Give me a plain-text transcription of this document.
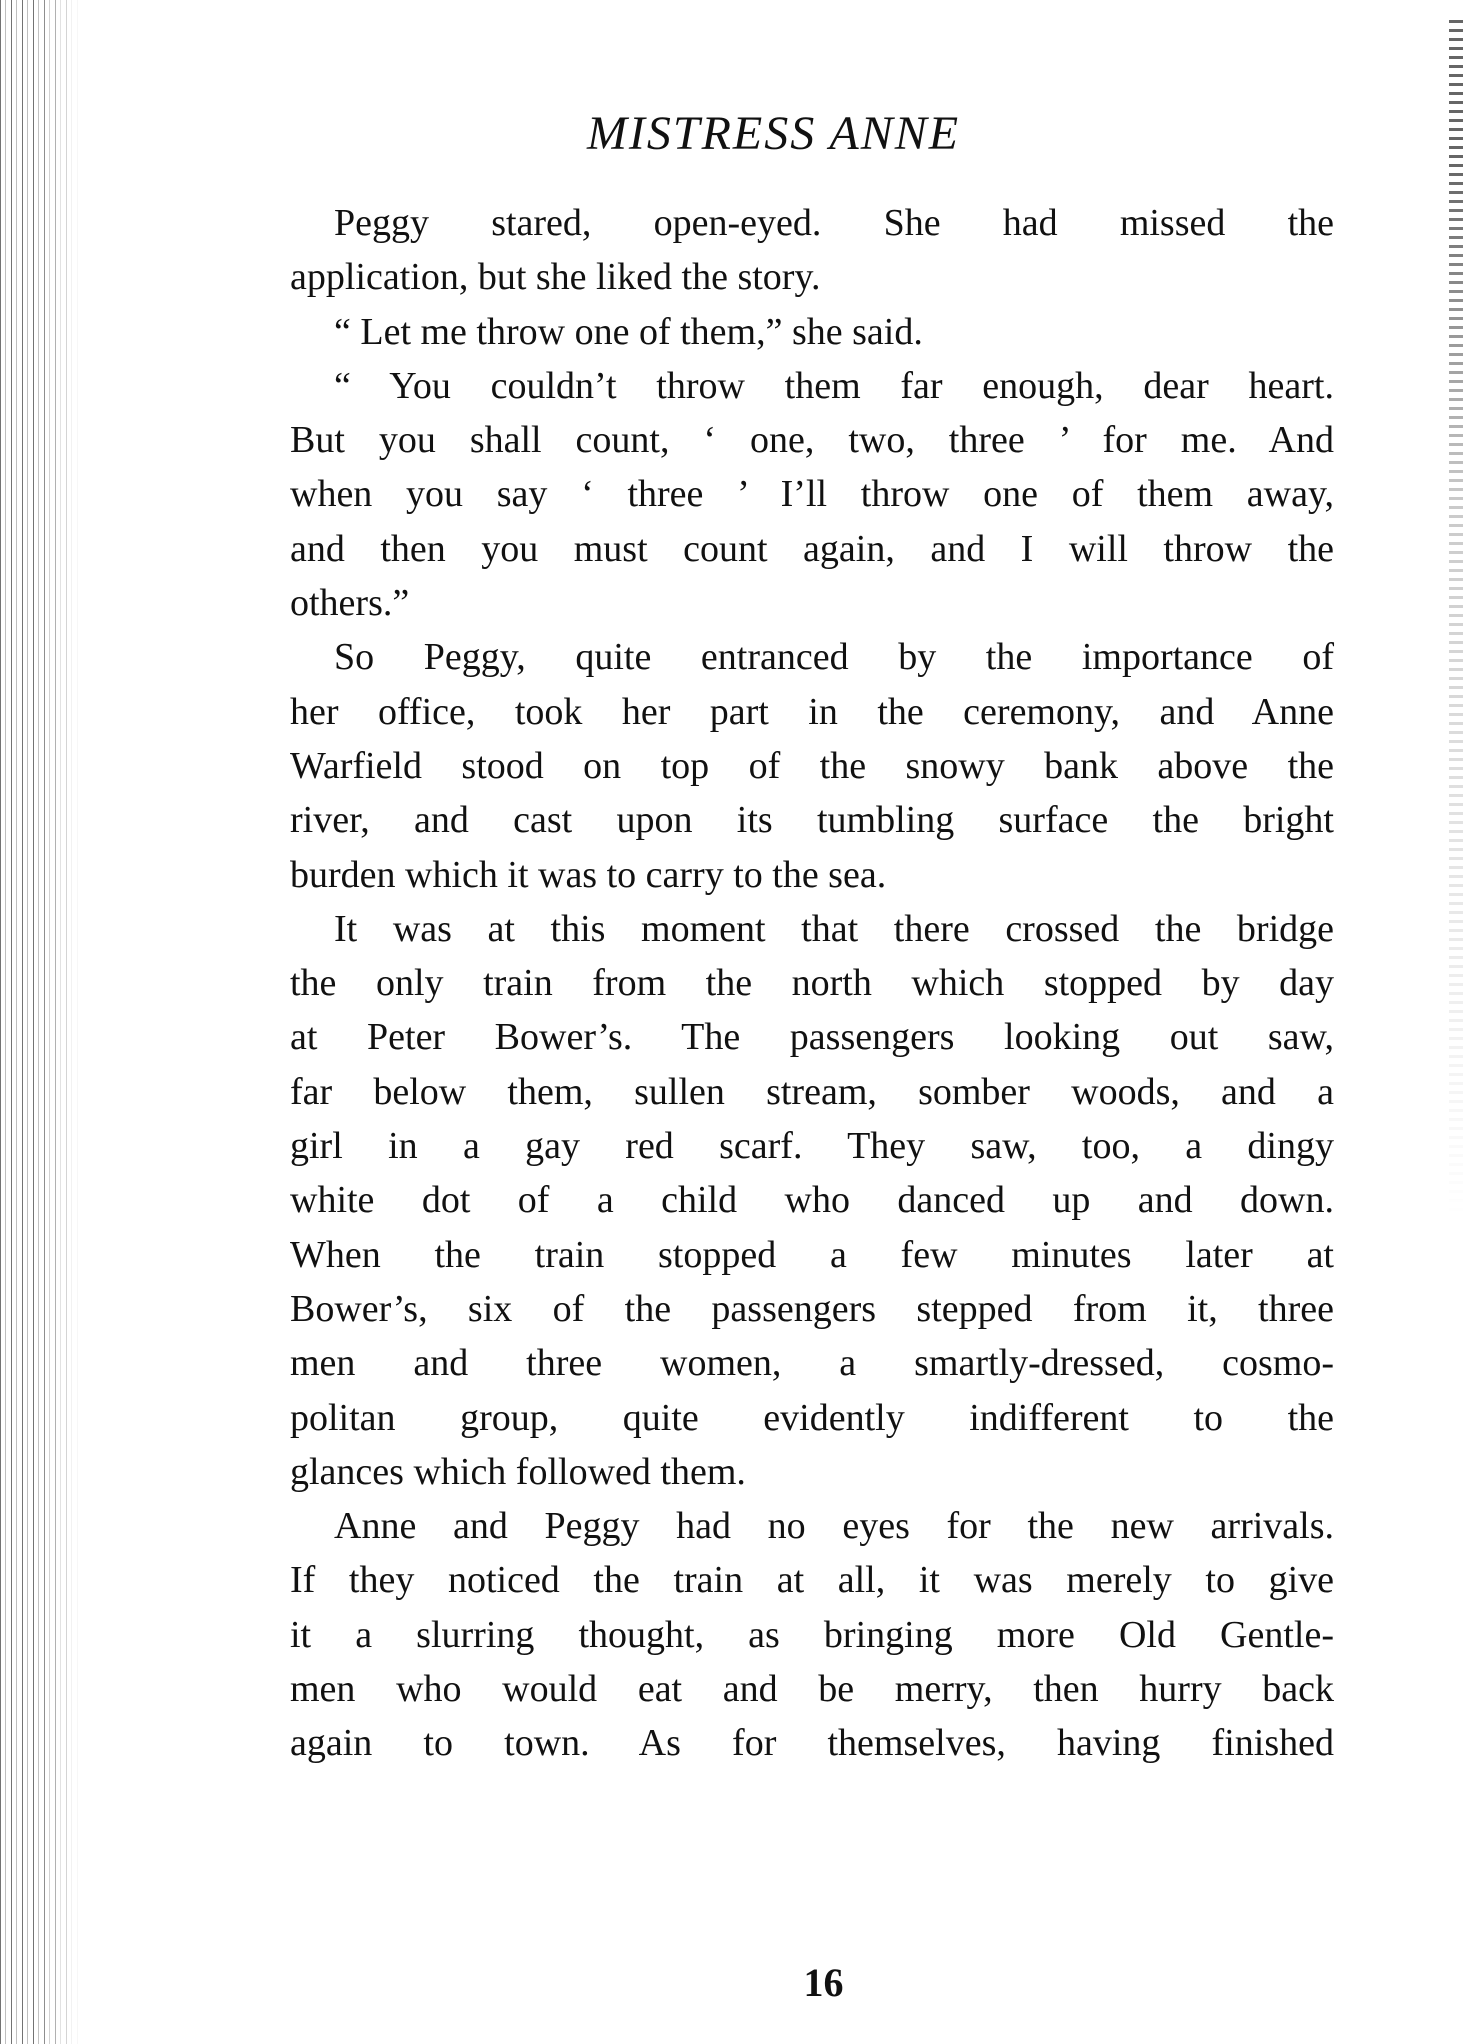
MISTRESS ANNE
Peggy stared, open-eyed. She had missed the
application, but she liked the story.
“ Let me throw one of them,” she said.
“ You couldn’t throw them far enough, dear heart.
But you shall count, ‘ one, two, three ’ for me. And
when you say ‘ three ’ I’ll throw one of them away,
and then you must count again, and I will throw the
others.”
So Peggy, quite entranced by the importance of
her office, took her part in the ceremony, and Anne
Warfield stood on top of the snowy bank above the
river, and cast upon its tumbling surface the bright
burden which it was to carry to the sea.
It was at this moment that there crossed the bridge
the only train from the north which stopped by day
at Peter Bower’s. The passengers looking out saw,
far below them, sullen stream, somber woods, and a
girl in a gay red scarf. They saw, too, a dingy
white dot of a child who danced up and down.
When the train stopped a few minutes later at
Bower’s, six of the passengers stepped from it, three
men and three women, a smartly-dressed, cosmo-
politan group, quite evidently indifferent to the
glances which followed them.
Anne and Peggy had no eyes for the new arrivals.
If they noticed the train at all, it was merely to give
it a slurring thought, as bringing more Old Gentle-
men who would eat and be merry, then hurry back
again to town. As for themselves, having finished
16
